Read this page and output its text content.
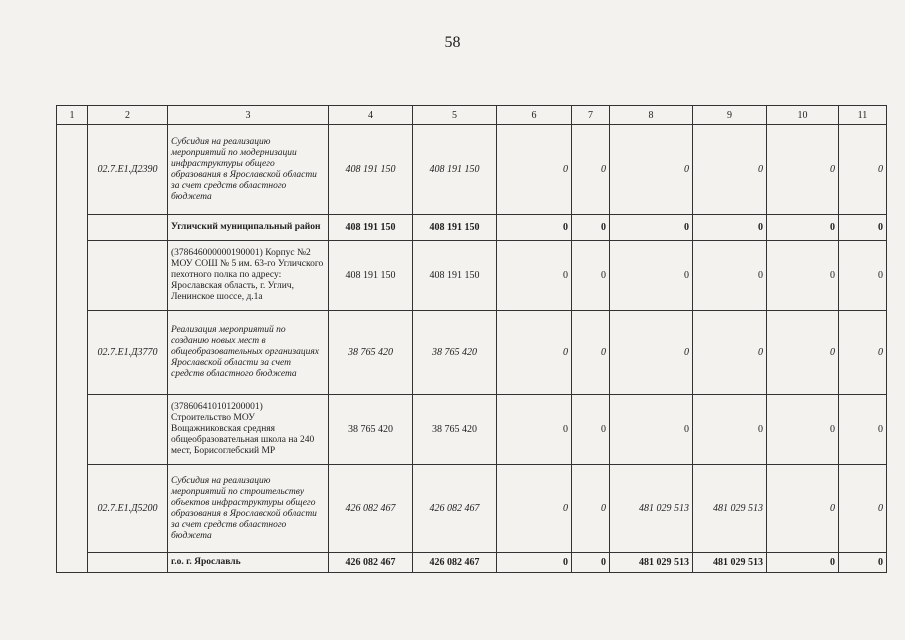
58
1	2	3	4	5	6	7	8	9	10	11
	02.7.E1.Д2390	Субсидия на реализацию мероприятий по модернизации инфраструктуры общего образования в Ярославской области за счет средств областного бюджета	408 191 150	408 191 150	0	0	0	0	0	0
		Угличский муниципальный район	408 191 150	408 191 150	0	0	0	0	0	0
		(378646000000190001) Корпус №2 МОУ СОШ № 5 им. 63-го Угличского пехотного полка по адресу: Ярославская область, г. Углич, Ленинское шоссе, д.1а	408 191 150	408 191 150	0	0	0	0	0	0
	02.7.E1.Д3770	Реализация мероприятий по созданию новых мест в общеобразовательных организациях Ярославской области за счет средств областного бюджета	38 765 420	38 765 420	0	0	0	0	0	0
		(378606410101200001) Строительство МОУ Вощажниковская средняя общеобразовательная школа на 240 мест, Борисоглебский МР	38 765 420	38 765 420	0	0	0	0	0	0
	02.7.E1.Д5200	Субсидия на реализацию мероприятий по строительству объектов инфраструктуры общего образования в Ярославской области за счет средств областного бюджета	426 082 467	426 082 467	0	0	481 029 513	481 029 513	0	0
		г.о. г. Ярославль	426 082 467	426 082 467	0	0	481 029 513	481 029 513	0	0
